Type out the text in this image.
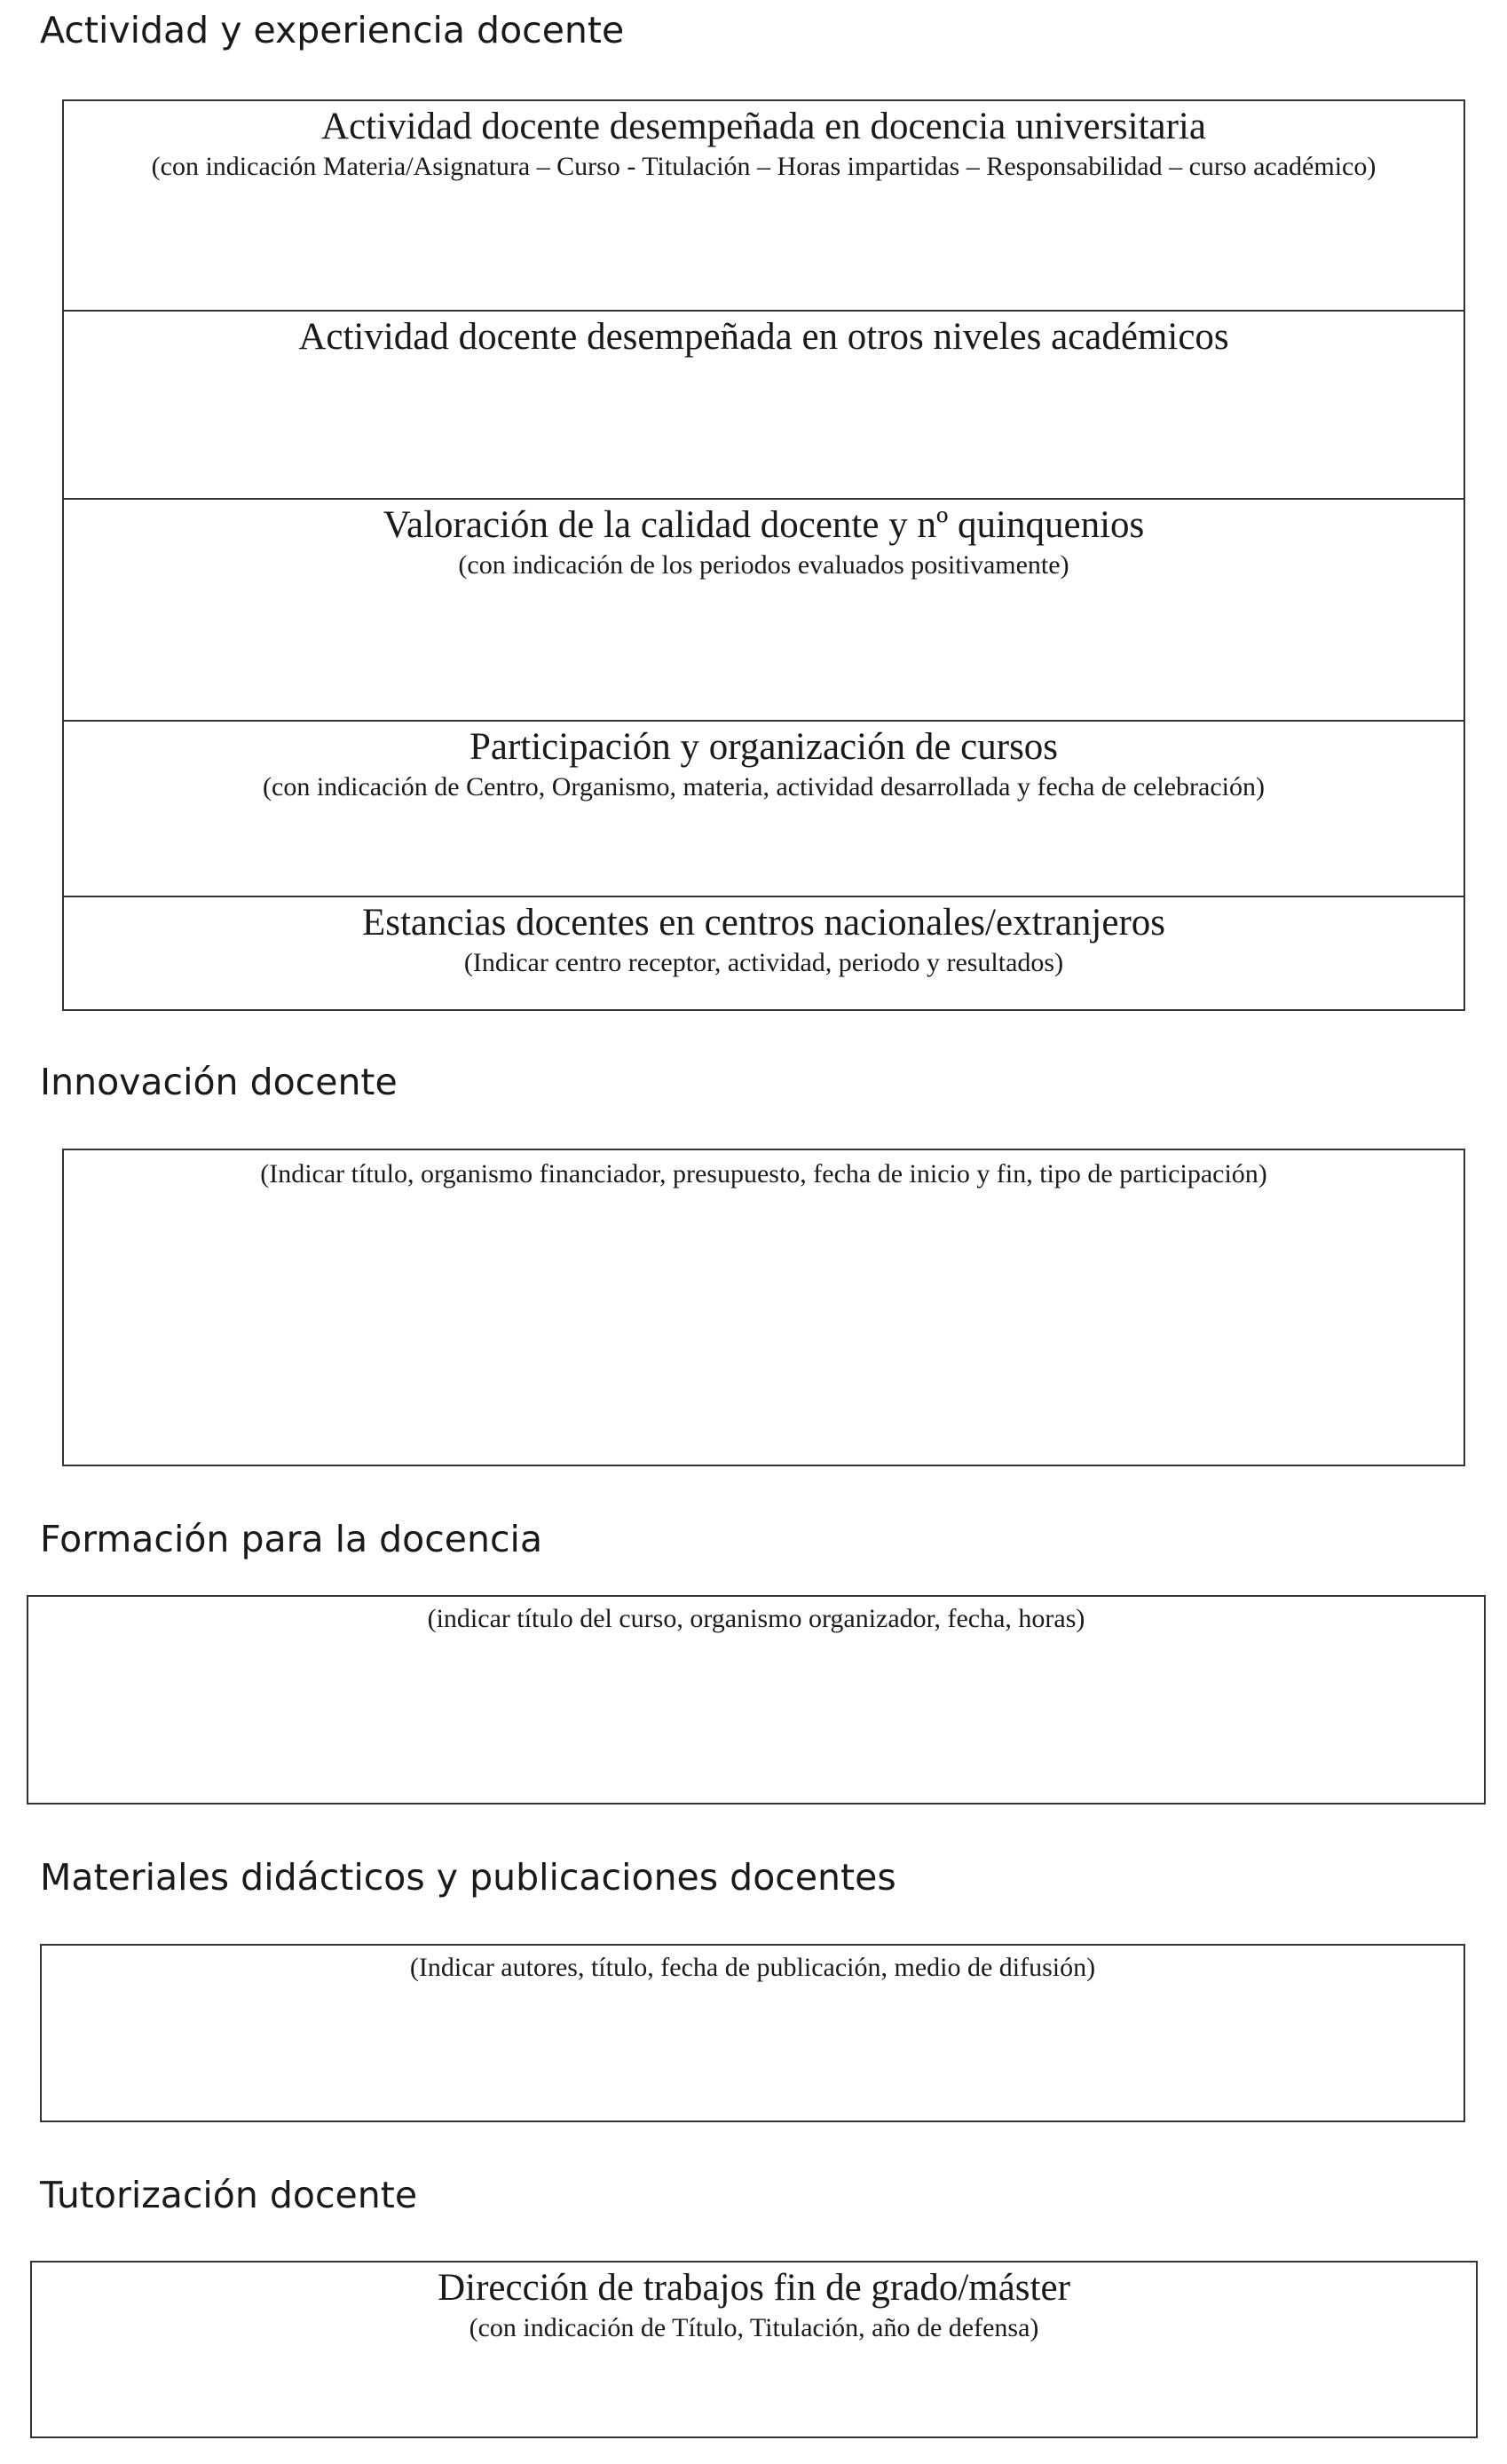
Actividad y experiencia docente
Actividad docente desempeñada en docencia universitaria
(con indicación Materia/Asignatura – Curso - Titulación – Horas impartidas – Responsabilidad – curso académico)
Actividad docente desempeñada en otros niveles académicos
Valoración de la calidad docente y nº quinquenios
(con indicación de los periodos evaluados positivamente)
Participación y organización de cursos
(con indicación de Centro, Organismo, materia, actividad desarrollada y fecha de celebración)
Estancias docentes en centros nacionales/extranjeros
(Indicar centro receptor, actividad, periodo y resultados)
Innovación docente
(Indicar título, organismo financiador, presupuesto, fecha de inicio y fin, tipo de participación)
Formación para la docencia
(indicar título del curso, organismo organizador, fecha, horas)
Materiales didácticos y publicaciones docentes
(Indicar autores, título, fecha de publicación, medio de difusión)
Tutorización docente
Dirección de trabajos fin de grado/máster
(con indicación de Título, Titulación, año de defensa)
